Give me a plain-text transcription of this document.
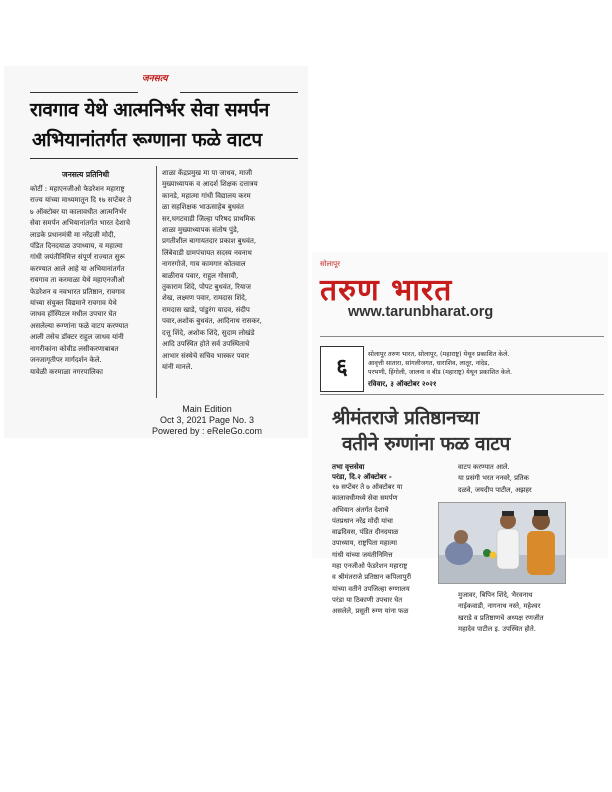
जनसत्य
रावगाव येथे आत्मनिर्भर सेवा समर्पन
अभियानांतर्गत रूग्णाना फळे वाटप
जनसत्य प्रतिनिधी
कोर्टी : महाएनजीओ फेडरेशन महाराष्ट्र
राज्य यांच्या माध्यमातून दि १७ सप्टेंबर ते
७ ऑक्टोबर या कालावधीत आत्मनिर्भर
सेवा समर्पन अभियानांतर्गत भारत देशाचे
लाडके प्रधानमंत्री मा नरेंद्रजी मोदी,
पंडित दिनदयाळ उपाध्याय, व महात्मा
गांधी जयंतीनिमित्त संपूर्ण राज्यात सुरू
करण्यात आले आहे या अभियानांतर्गत
रावगाव ता करमाळा येथे महाएनजीओ
फेडरेशन व नवभारत प्रतिष्ठान, रावगाव
यांच्या संयुक्त विद्यमाने रावगाव येथे
जाधव हॉस्पिटल मधील उपचार घेत
असलेल्या रूग्णांना फळे वाटप करण्यात
आली तसेच डॉक्टर राहुल जाधव यांनी
नागरीकांना कोवीड लसीकरणाबाबत
जनजागृतीपर मार्गदर्शन केले.
यावेळी करमाळा नगरपालिका
शाळा केंद्रप्रमुख मा पा जाधव, माजी
मुख्याध्यापक व आदर्श शिक्षक दत्तात्रय
कानडे, महात्मा गांधी विद्यालय करम
ळा सहशिक्षक भाऊसाहेब बुधवंत
सर,घगटवाडी जिल्हा परिषद प्राथमिक
शाळा मुख्याध्यापक संतोष पुंडे,
प्रगतीशील बागायतदार प्रकाश बुधवंत,
लिंबेवाडी ग्रामपंचायत सदस्य नवनाथ
नागरगोजे, गाव कामगार कोतवाल
बाळीराव पवार, राहुल गोसावी,
तुकाराम शिंदे, पोपट बुधवंत, रियाज
शेख, लक्ष्मण पवार, रामदास शिंदे,
रामदास खाडे, पांडुरंग यादव, संदीप
पवार,अशोक बुधवंत, आदिनाथ रासकर,
दत्तू शिंदे, अशोक शिंदे, सुदाम लोखंडे
आदि उपस्थित होते सर्व उपस्थिताचे
आभार संस्थेचे सचिव भास्कर पवार
यांनी मानले.
Main Edition
Oct 3, 2021 Page No. 3
Powered by : eReleGo.com
सोलापूर
तरुण भारत
www.tarunbharat.org
६	सोलापूर तरुण भारत, सोलापूर, (महाराष्ट्र) येथून प्रकाशित केले.
आवृत्ती सातारा, सांगलीजगत, धाराशिव, लातूर, नांदेड,
परभणी, हिंगोली, जालना व बीड (महाराष्ट्र) येथून प्रकाशित केले.
रविवार, ३ ऑक्टोबर २०२१
श्रीमंतराजे प्रतिष्ठानच्या
वतीने रुग्णांना फळ वाटप
तभा वृत्तसेवा
परंडा, दि.२ ऑक्टोबर -
१७ सप्टेंबर ते ७ ऑक्टोबर या
कालावधीमध्ये सेवा समर्पण
अभियान अंतर्गत देशाचे
पंतप्रधान नरेंद्र मोदी यांचा
वाढदिवस, पंडित दीनदयाळ
उपाध्याय, राष्ट्रपिता महात्मा
गांधी यांच्या जयंतीनिमित्त
महा एनजीओ फेडरेशन महाराष्ट्र
व श्रीमंतराजे प्रतिष्ठान कपिलापुरी
यांच्या वतीने उपजिल्हा रुग्णालय
परंडा या ठिकाणी उपचार घेत
असलेले, प्रसूती रुग्ण यांना फळ
वाटप करण्यात आले.
या प्रसंगी भरत ननवरे, प्रतिक
दळवे, जयदीप पाटील, अझहर
मुजावर, बिपिन शिंदे, भैरवनाथ
नाईकवाडी, नागनाथ नस्ते, महेश्वर
खराडे व प्रतिष्ठाणचे अध्यक्ष रणजीत
महादेव पाटील इ. उपस्थित होते.
